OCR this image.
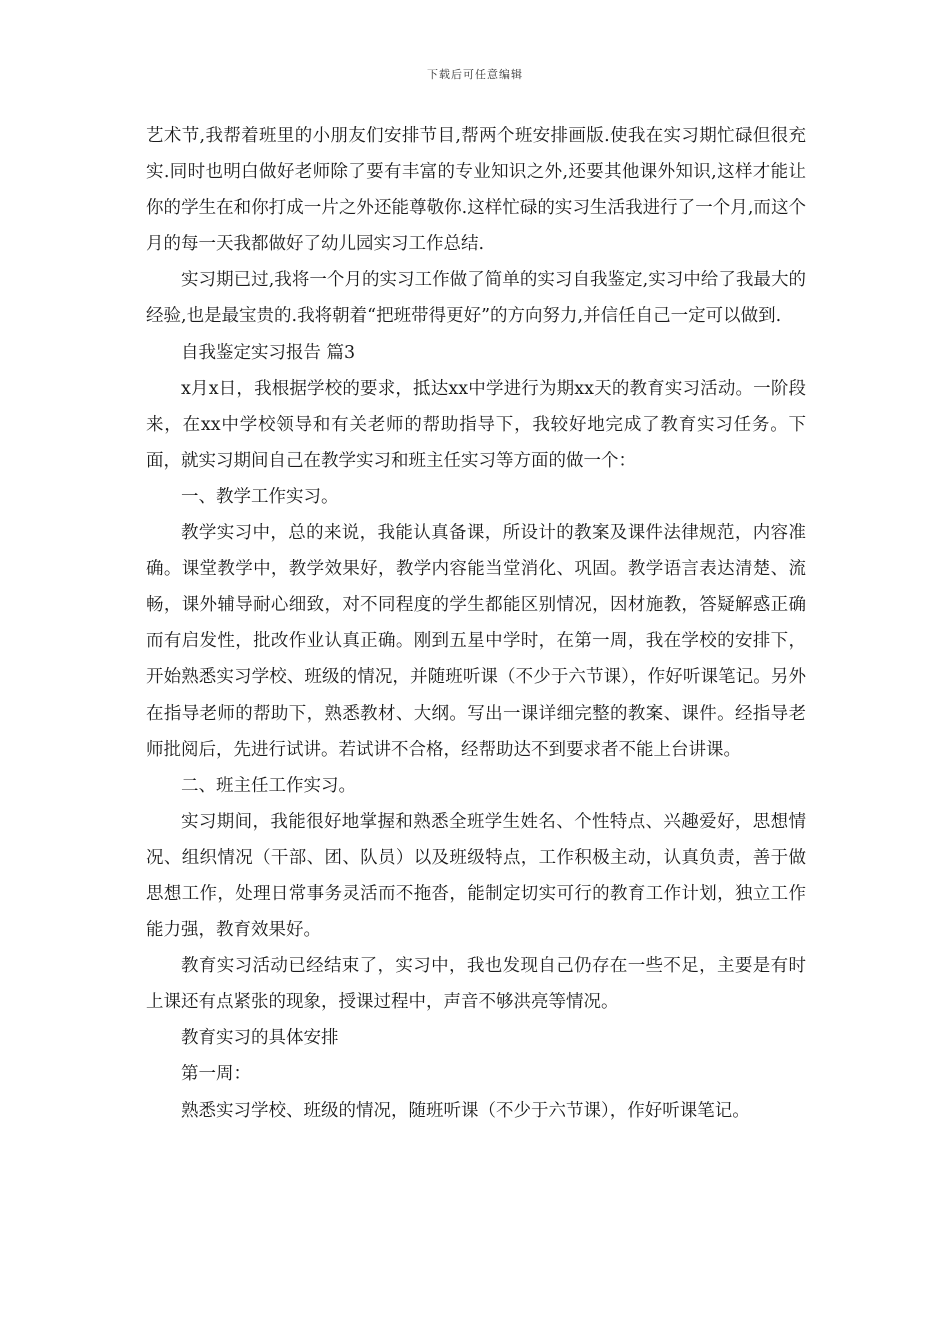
下载后可任意编辑

艺术节,我帮着班里的小朋友们安排节目,帮两个班安排画版.使我在实习期忙碌但很充实.同时也明白做好老师除了要有丰富的专业知识之外,还要其他课外知识,这样才能让你的学生在和你打成一片之外还能尊敬你.这样忙碌的实习生活我进行了一个月,而这个月的每一天我都做好了幼儿园实习工作总结.

实习期已过,我将一个月的实习工作做了简单的实习自我鉴定,实习中给了我最大的经验,也是最宝贵的.我将朝着“把班带得更好”的方向努力,并信任自己一定可以做到.

自我鉴定实习报告 篇3

x月x日，我根据学校的要求，抵达xx中学进行为期xx天的教育实习活动。一阶段来，在xx中学校领导和有关老师的帮助指导下，我较好地完成了教育实习任务。下面，就实习期间自己在教学实习和班主任实习等方面的做一个：

一、教学工作实习。

教学实习中，总的来说，我能认真备课，所设计的教案及课件法律规范，内容准确。课堂教学中，教学效果好，教学内容能当堂消化、巩固。教学语言表达清楚、流畅，课外辅导耐心细致，对不同程度的学生都能区别情况，因材施教，答疑解惑正确而有启发性，批改作业认真正确。刚到五星中学时，在第一周，我在学校的安排下，开始熟悉实习学校、班级的情况，并随班听课（不少于六节课），作好听课笔记。另外在指导老师的帮助下，熟悉教材、大纲。写出一课详细完整的教案、课件。经指导老师批阅后，先进行试讲。若试讲不合格，经帮助达不到要求者不能上台讲课。

二、班主任工作实习。

实习期间，我能很好地掌握和熟悉全班学生姓名、个性特点、兴趣爱好，思想情况、组织情况（干部、团、队员）以及班级特点，工作积极主动，认真负责，善于做思想工作，处理日常事务灵活而不拖沓，能制定切实可行的教育工作计划，独立工作能力强，教育效果好。

教育实习活动已经结束了，实习中，我也发现自己仍存在一些不足，主要是有时上课还有点紧张的现象，授课过程中，声音不够洪亮等情况。

教育实习的具体安排

第一周：

熟悉实习学校、班级的情况，随班听课（不少于六节课），作好听课笔记。
